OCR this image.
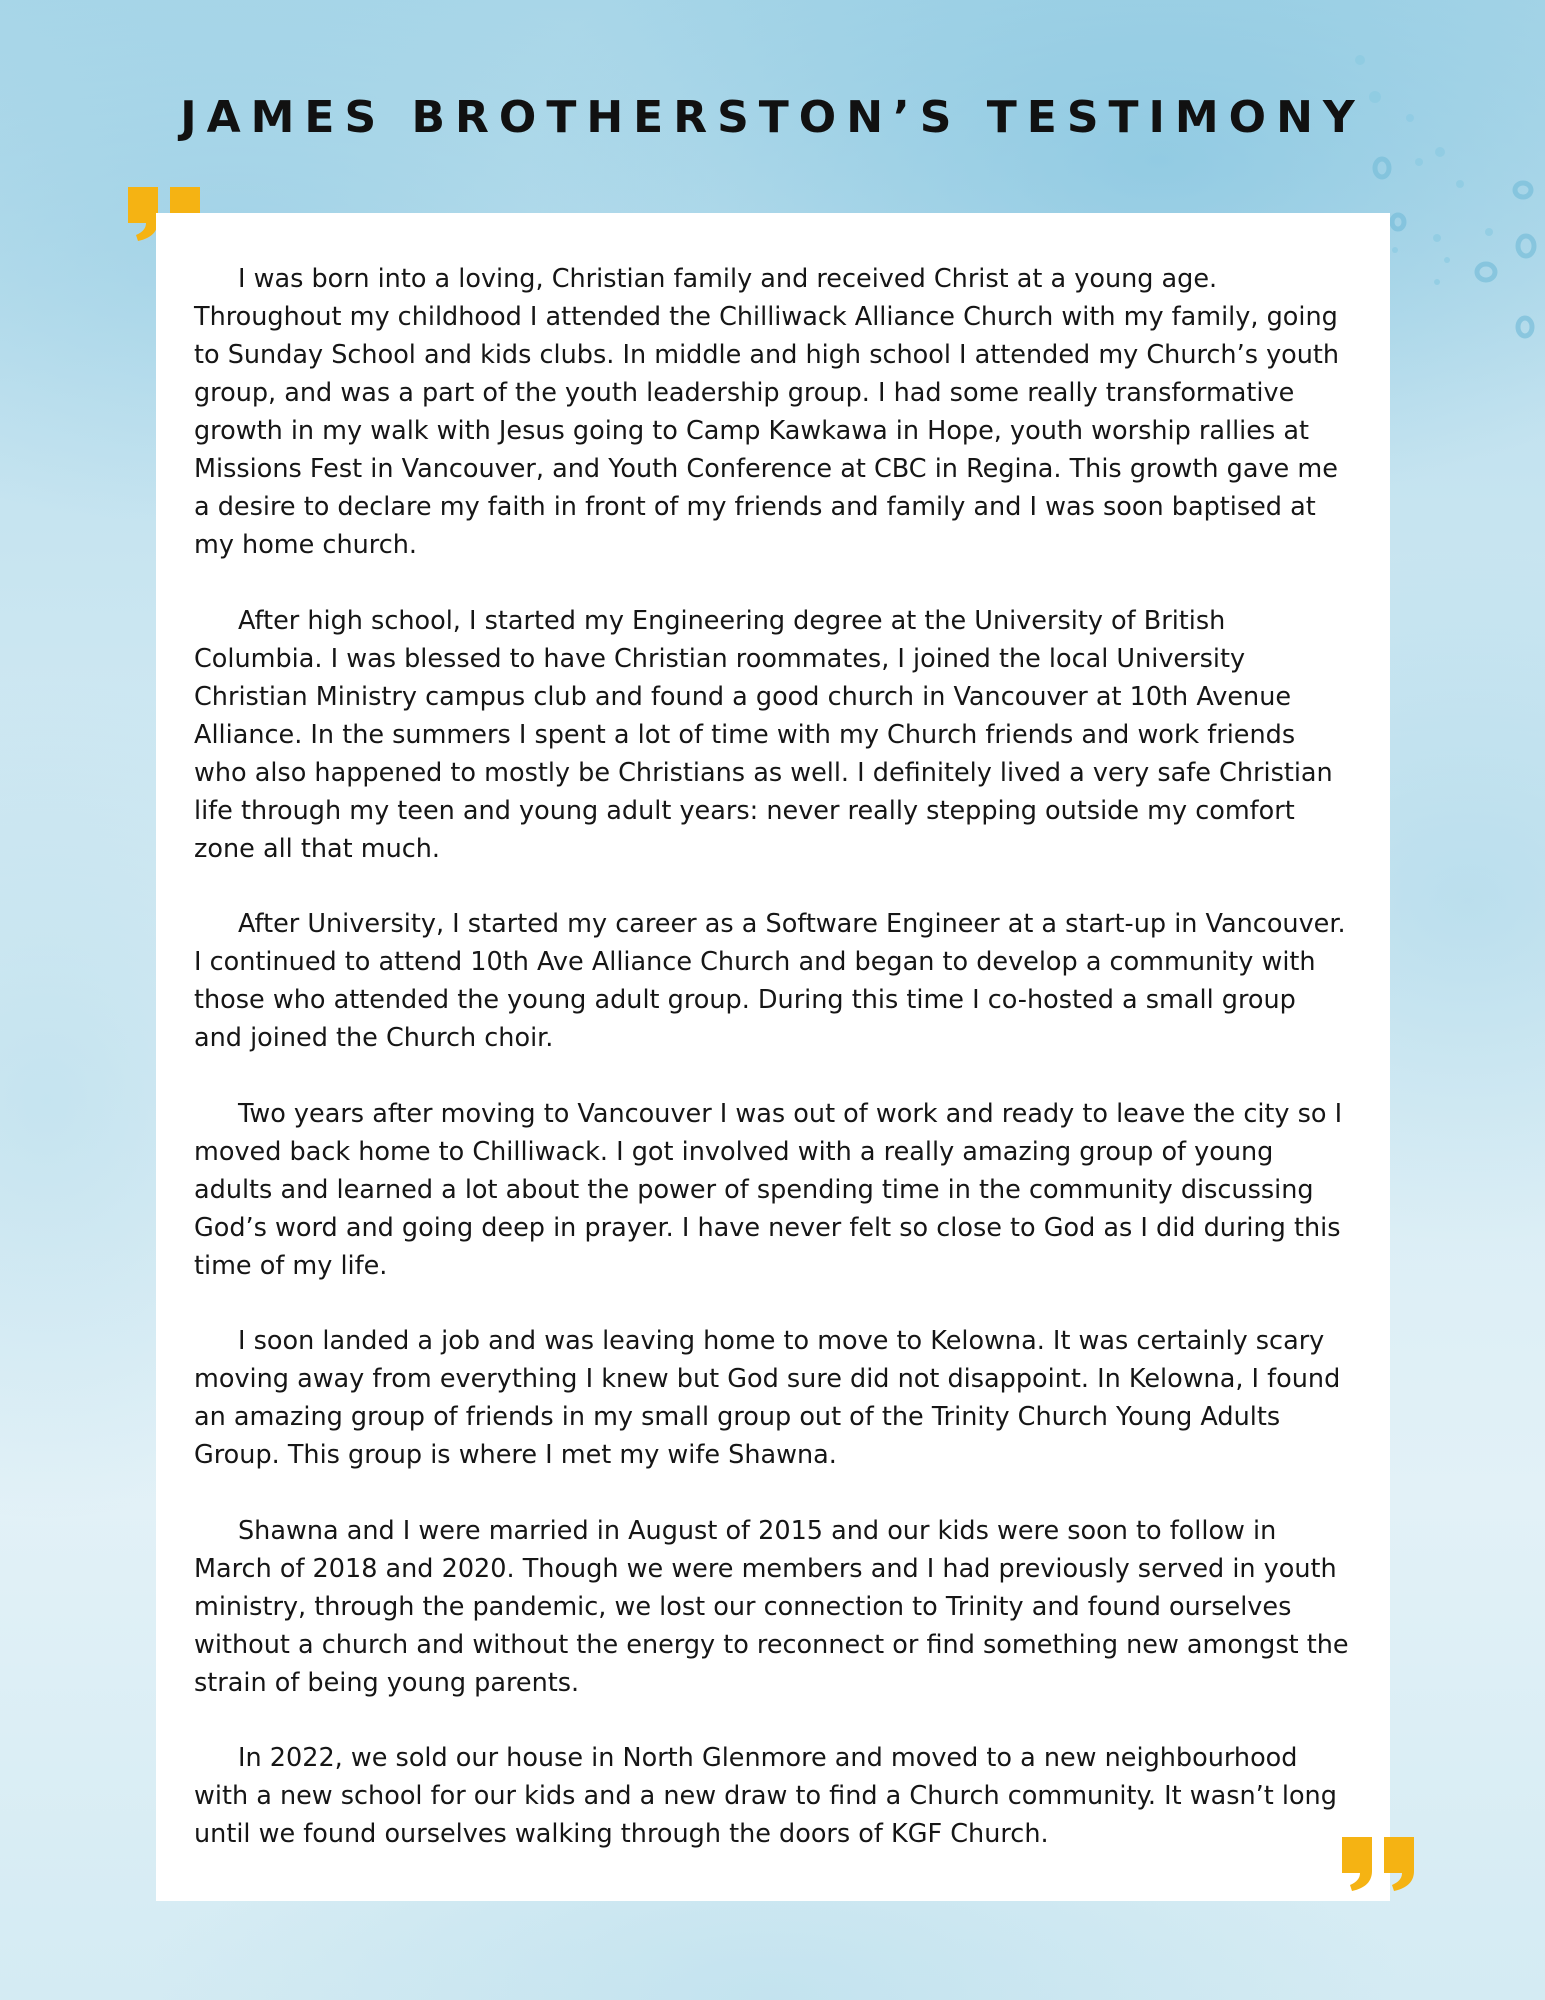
JAMES BROTHERSTON’S TESTIMONY

I was born into a loving, Christian family and received Christ at a young age. Throughout my childhood I attended the Chilliwack Alliance Church with my family, going to Sunday School and kids clubs. In middle and high school I attended my Church’s youth group, and was a part of the youth leadership group. I had some really transformative growth in my walk with Jesus going to Camp Kawkawa in Hope, youth worship rallies at Missions Fest in Vancouver, and Youth Conference at CBC in Regina. This growth gave me a desire to declare my faith in front of my friends and family and I was soon baptised at my home church.

After high school, I started my Engineering degree at the University of British Columbia. I was blessed to have Christian roommates, I joined the local University Christian Ministry campus club and found a good church in Vancouver at 10th Avenue Alliance. In the summers I spent a lot of time with my Church friends and work friends who also happened to mostly be Christians as well. I definitely lived a very safe Christian life through my teen and young adult years: never really stepping outside my comfort zone all that much.

After University, I started my career as a Software Engineer at a start-up in Vancouver. I continued to attend 10th Ave Alliance Church and began to develop a community with those who attended the young adult group. During this time I co-hosted a small group and joined the Church choir.

Two years after moving to Vancouver I was out of work and ready to leave the city so I moved back home to Chilliwack. I got involved with a really amazing group of young adults and learned a lot about the power of spending time in the community discussing God’s word and going deep in prayer. I have never felt so close to God as I did during this time of my life.

I soon landed a job and was leaving home to move to Kelowna. It was certainly scary moving away from everything I knew but God sure did not disappoint. In Kelowna, I found an amazing group of friends in my small group out of the Trinity Church Young Adults Group. This group is where I met my wife Shawna.

Shawna and I were married in August of 2015 and our kids were soon to follow in March of 2018 and 2020. Though we were members and I had previously served in youth ministry, through the pandemic, we lost our connection to Trinity and found ourselves without a church and without the energy to reconnect or find something new amongst the strain of being young parents.

In 2022, we sold our house in North Glenmore and moved to a new neighbourhood with a new school for our kids and a new draw to find a Church community. It wasn’t long until we found ourselves walking through the doors of KGF Church.
